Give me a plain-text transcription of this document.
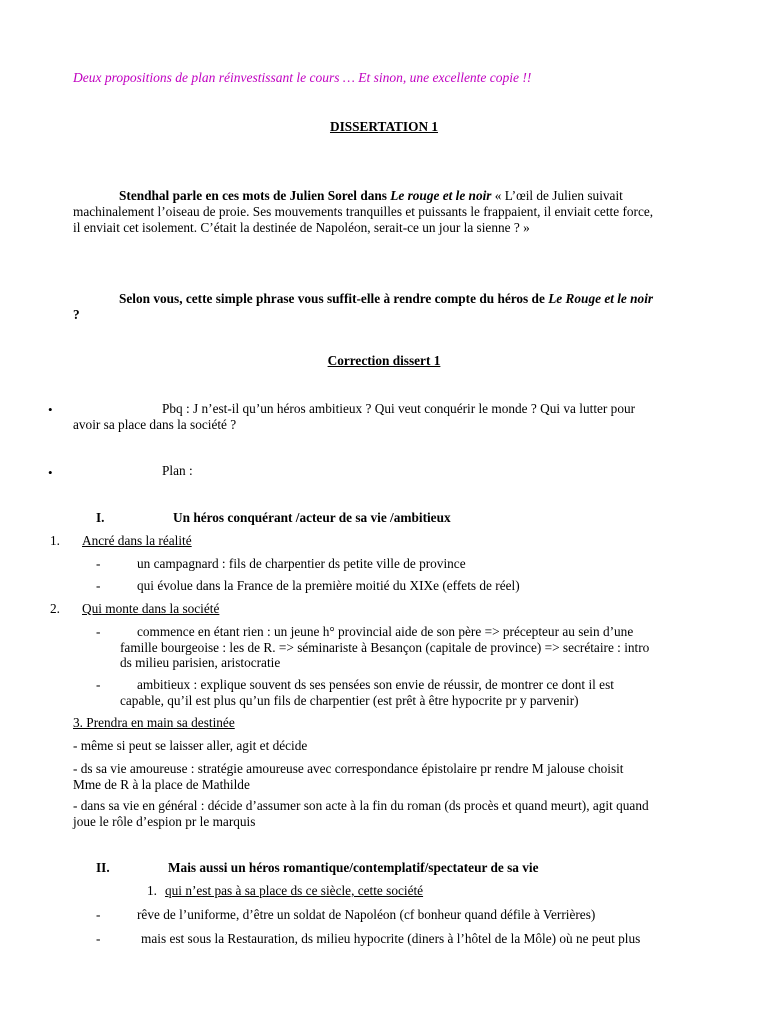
Deux propositions de plan réinvestissant le cours … Et sinon, une excellente copie !!
DISSERTATION 1
Stendhal parle en ces mots de Julien Sorel dans Le rouge et le noir « L’œil de Julien suivait
machinalement l’oiseau de proie. Ses mouvements tranquilles et puissants le frappaient, il enviait cette force,
il enviait cet isolement. C’était la destinée de Napoléon, serait-ce un jour la sienne ? »
Selon vous, cette simple phrase vous suffit-elle à rendre compte du héros de Le Rouge et le noir
?
Correction dissert 1
•	Pbq : J n’est-il qu’un héros ambitieux ? Qui veut conquérir le monde ? Qui va lutter pour
avoir sa place dans la société ?
•	Plan :
I.	Un héros conquérant /acteur de sa vie /ambitieux
1. Ancré dans la réalité
-	un campagnard : fils de charpentier ds petite ville de province
-	qui évolue dans la France de la première moitié du XIXe (effets de réel)
2. Qui monte dans la société
-	commence en étant rien : un jeune h° provincial aide de son père => précepteur au sein d’une
famille bourgeoise : les de R. => séminariste à Besançon (capitale de province) => secrétaire : intro
ds milieu parisien, aristocratie
-	ambitieux : explique souvent ds ses pensées son envie de réussir, de montrer ce dont il est
capable, qu’il est plus qu’un fils de charpentier (est prêt à être hypocrite pr y parvenir)
3. Prendra en main sa destinée
- même si peut se laisser aller, agit et décide
- ds sa vie amoureuse : stratégie amoureuse avec correspondance épistolaire pr rendre M jalouse choisit
Mme de R à la place de Mathilde
- dans sa vie en général : décide d’assumer son acte à la fin du roman (ds procès et quand meurt), agit quand
joue le rôle d’espion pr le marquis
II.	Mais aussi un héros romantique/contemplatif/spectateur de sa vie
1. qui n’est pas à sa place ds ce siècle, cette société
-	rêve de l’uniforme, d’être un soldat de Napoléon (cf bonheur quand défile à Verrières)
-	mais est sous la Restauration, ds milieu hypocrite (diners à l’hôtel de la Môle) où ne peut plus
